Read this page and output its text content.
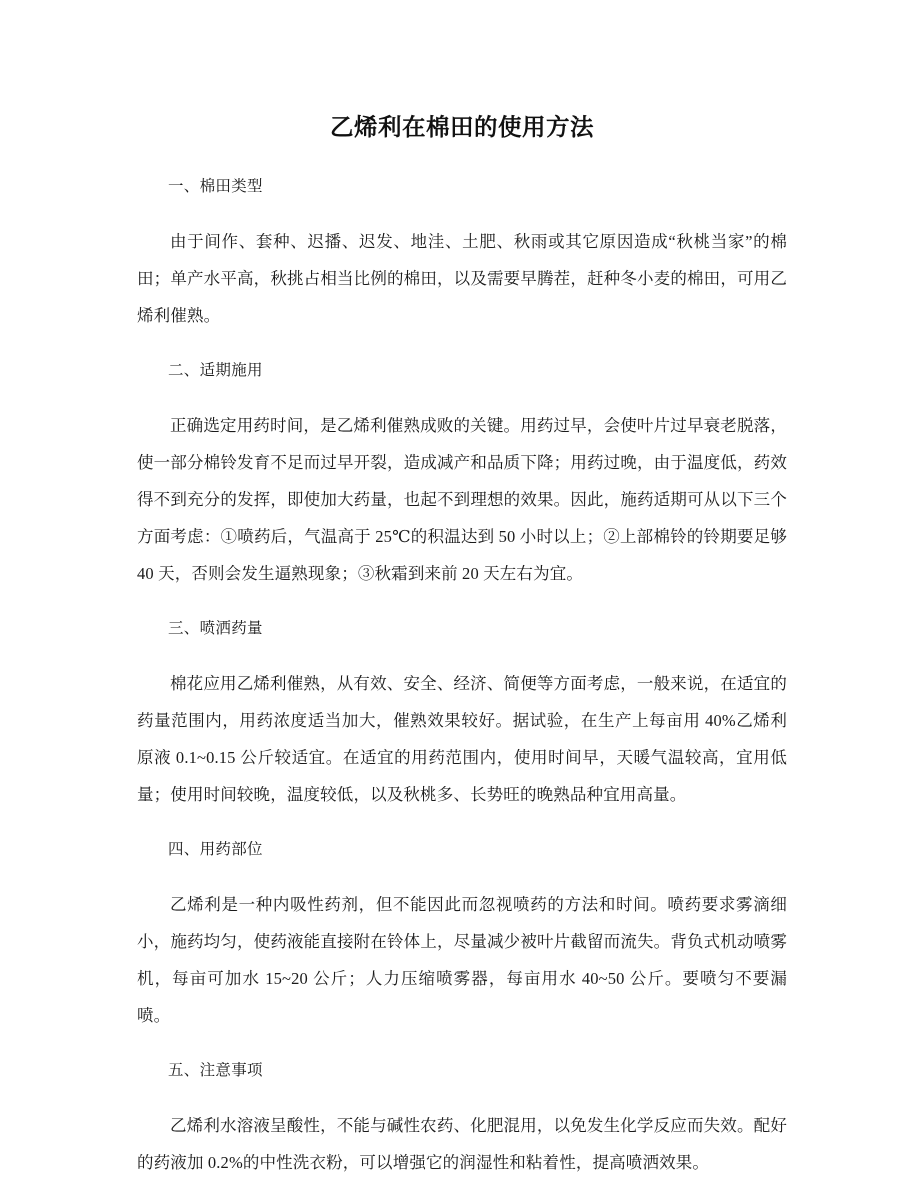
乙烯利在棉田的使用方法

一、棉田类型

由于间作、套种、迟播、迟发、地洼、土肥、秋雨或其它原因造成“秋桃当家”的棉田；单产水平高，秋挑占相当比例的棉田，以及需要早腾茬，赶种冬小麦的棉田，可用乙烯利催熟。

二、适期施用

正确选定用药时间，是乙烯利催熟成败的关键。用药过早，会使叶片过早衰老脱落，使一部分棉铃发育不足而过早开裂，造成减产和品质下降；用药过晚，由于温度低，药效得不到充分的发挥，即使加大药量，也起不到理想的效果。因此，施药适期可从以下三个方面考虑：①喷药后，气温高于 25℃的积温达到 50 小时以上；②上部棉铃的铃期要足够 40 天，否则会发生逼熟现象；③秋霜到来前 20 天左右为宜。

三、喷洒药量

棉花应用乙烯利催熟，从有效、安全、经济、简便等方面考虑，一般来说，在适宜的药量范围内，用药浓度适当加大，催熟效果较好。据试验，在生产上每亩用 40%乙烯利原液 0.1~0.15 公斤较适宜。在适宜的用药范围内，使用时间早，天暖气温较高，宜用低量；使用时间较晚，温度较低，以及秋桃多、长势旺的晚熟品种宜用高量。

四、用药部位

乙烯利是一种内吸性药剂，但不能因此而忽视喷药的方法和时间。喷药要求雾滴细小，施药均匀，使药液能直接附在铃体上，尽量减少被叶片截留而流失。背负式机动喷雾机，每亩可加水 15~20 公斤；人力压缩喷雾器，每亩用水 40~50 公斤。要喷匀不要漏喷。

五、注意事项

乙烯利水溶液呈酸性，不能与碱性农药、化肥混用，以免发生化学反应而失效。配好的药液加 0.2%的中性洗衣粉，可以增强它的润湿性和粘着性，提高喷洒效果。
